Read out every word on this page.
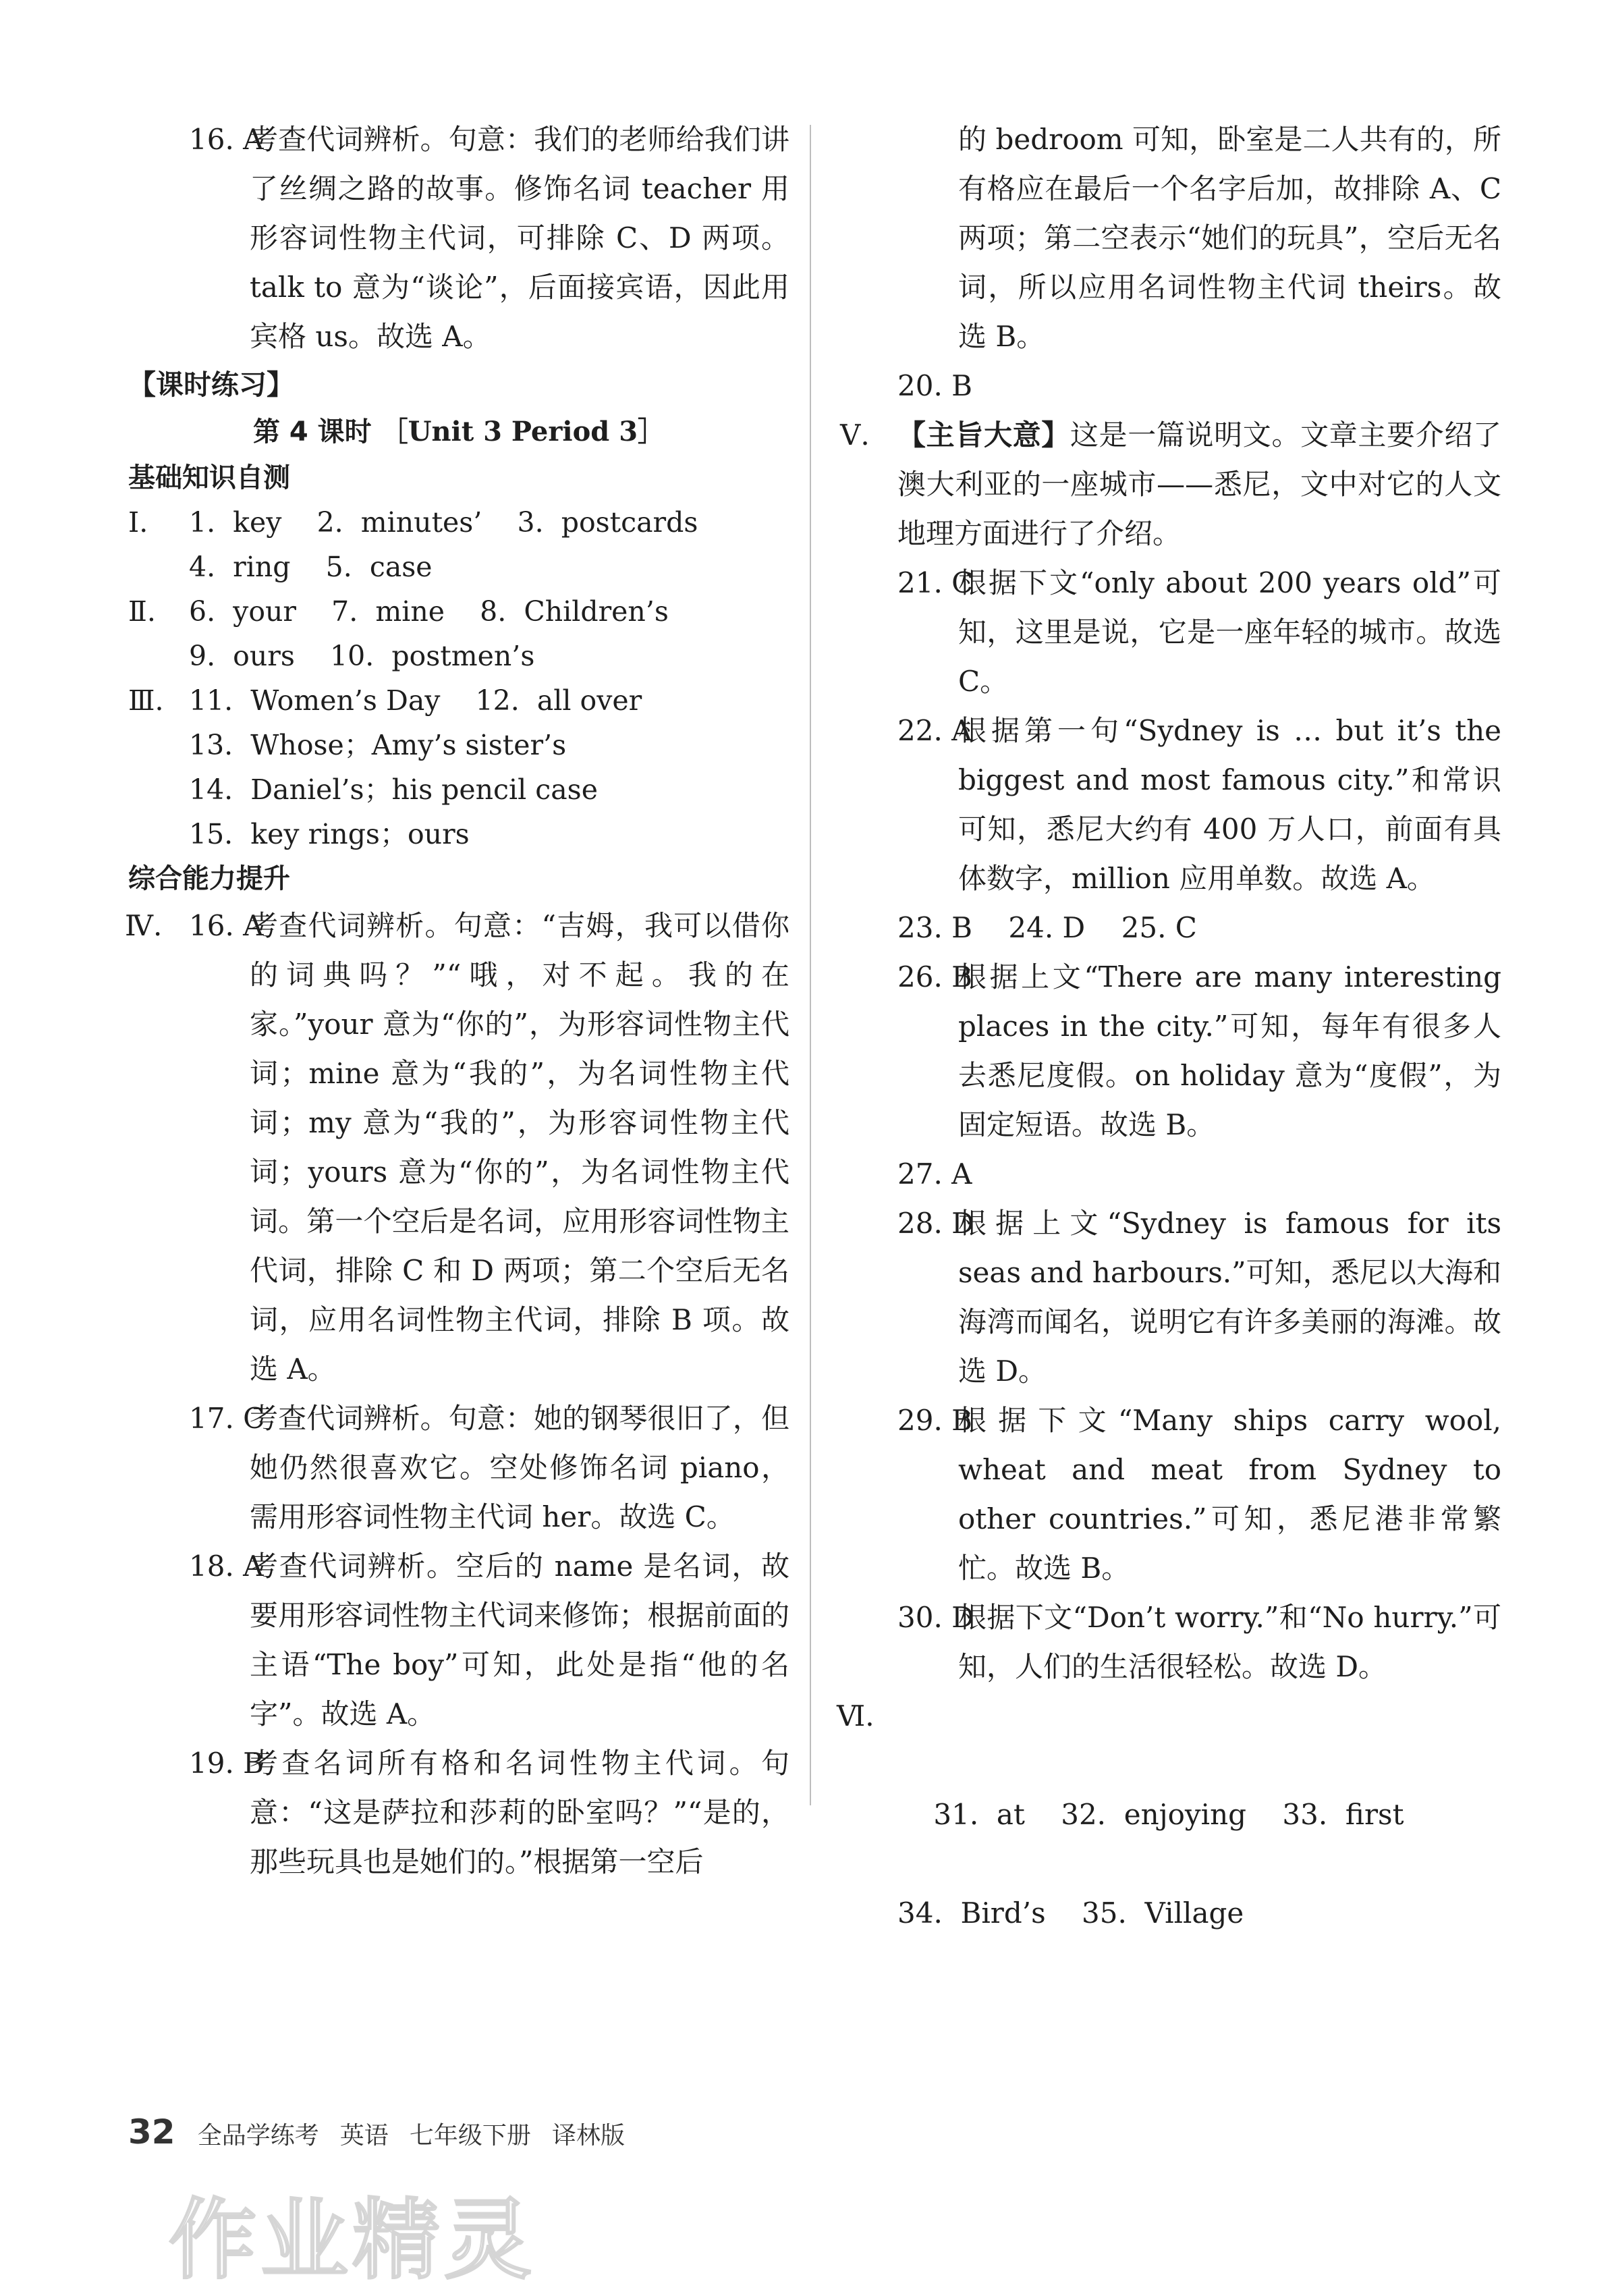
16. A
考查代词辨析。句意：我们的老师给我们讲了丝绸之路的故事。修饰名词 teacher 用形容词性物主代词，可排除 C、D 两项。talk to 意为“谈论”，后面接宾语，因此用宾格 us。故选 A。
【课时练习】
第 4 课时 ［Unit 3 Period 3］
基础知识自测
Ⅰ. 1.  key    2.  minutes’    3.  postcards
4.  ring    5.  case
Ⅱ. 6.  your    7.  mine    8.  Children’s
9.  ours    10.  postmen’s
Ⅲ. 11.  Women’s Day    12.  all over
13.  Whose；Amy’s sister’s
14.  Daniel’s；his pencil case
15.  key rings；ours
综合能力提升
Ⅳ. 16. A
考查代词辨析。句意：“吉姆，我可以借你的词典吗？”“哦，对不起。我的在家。”your 意为“你的”，为形容词性物主代词；mine 意为“我的”，为名词性物主代词；my 意为“我的”，为形容词性物主代词；yours 意为“你的”，为名词性物主代词。第一个空后是名词，应用形容词性物主代词，排除 C 和 D 两项；第二个空后无名词，应用名词性物主代词，排除 B 项。故选 A。
17. C
考查代词辨析。句意：她的钢琴很旧了，但她仍然很喜欢它。空处修饰名词 piano，需用形容词性物主代词 her。故选 C。
18. A
考查代词辨析。空后的 name 是名词，故要用形容词性物主代词来修饰；根据前面的主语“The boy”可知，此处是指“他的名字”。故选 A。
19. B
考查名词所有格和名词性物主代词。句意：“这是萨拉和莎莉的卧室吗？”“是的，那些玩具也是她们的。”根据第一空后
的 bedroom 可知，卧室是二人共有的，所有格应在最后一个名字后加，故排除 A、C 两项；第二空表示“她们的玩具”，空后无名词，所以应用名词性物主代词 theirs。故选 B。
20. B
Ⅴ. 【主旨大意】这是一篇说明文。文章主要介绍了澳大利亚的一座城市——悉尼，文中对它的人文地理方面进行了介绍。
21. C
根据下文“only about 200 years old”可知，这里是说，它是一座年轻的城市。故选 C。
22. A
根据第一句“Sydney is … but it’s the biggest and most famous city.”和常识可知，悉尼大约有 400 万人口，前面有具体数字，million 应用单数。故选 A。
23. B    24. D    25. C
26. B
根据上文“There are many interesting places in the city.”可知，每年有很多人去悉尼度假。on holiday 意为“度假”，为固定短语。故选 B。
27. A
28. D
根据上文“Sydney is famous for its seas and harbours.”可知，悉尼以大海和海湾而闻名，说明它有许多美丽的海滩。故选 D。
29. B
根据下文“Many ships carry wool, wheat and meat from Sydney to other countries.”可知，悉尼港非常繁忙。故选 B。
30. D
根据下文“Don’t worry.”和“No hurry.”可知，人们的生活很轻松。故选 D。

Ⅵ.

31.  at    32.  enjoying    33.  first

34.  Bird’s    35.  Village
32 全品学练考 英语 七年级下册 译林版
作业精灵
